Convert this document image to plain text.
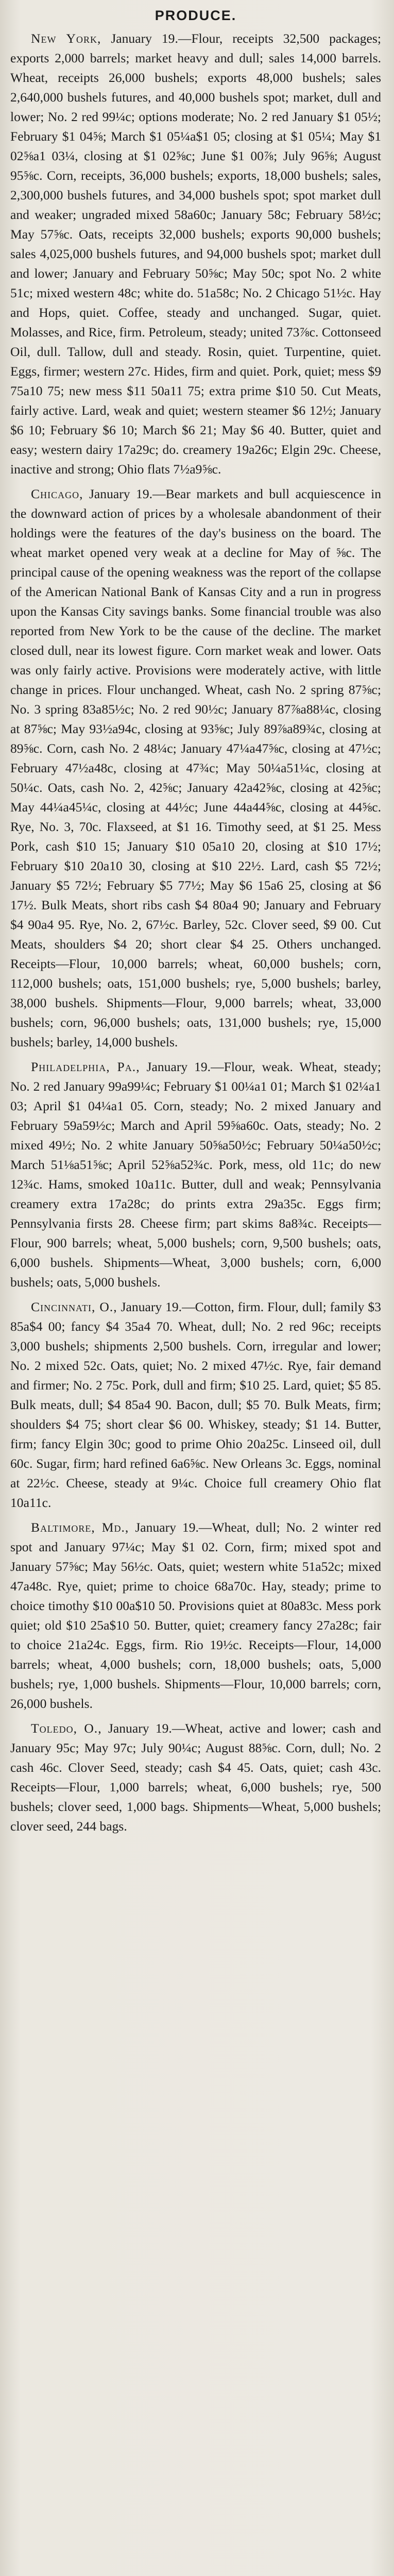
PRODUCE.

New York, January 19.—Flour, receipts 32,500 packages; exports 2,000 barrels; market heavy and dull; sales 14,000 barrels. Wheat, receipts 26,000 bushels; exports 48,000 bushels; sales 2,640,000 bushels futures, and 40,000 bushels spot; market, dull and lower; No. 2 red 99¼c; options moderate; No. 2 red January $1 05½; February $1 04⅝; March $1 05¼a$1 05; closing at $1 05¼; May $1 02⅝a1 03¼, closing at $1 02⅝c; June $1 00⅞; July 96⅝; August 95⅝c. Corn, receipts, 36,000 bushels; exports, 18,000 bushels; sales, 2,300,000 bushels futures, and 34,000 bushels spot; spot market dull and weaker; ungraded mixed 58a60c; January 58c; February 58½c; May 57⅝c. Oats, receipts 32,000 bushels; exports 90,000 bushels; sales 4,025,000 bushels futures, and 94,000 bushels spot; market dull and lower; January and February 50⅝c; May 50c; spot No. 2 white 51c; mixed western 48c; white do. 51a58c; No. 2 Chicago 51½c. Hay and Hops, quiet. Coffee, steady and unchanged. Sugar, quiet. Molasses, and Rice, firm. Petroleum, steady; united 73⅞c. Cottonseed Oil, dull. Tallow, dull and steady. Rosin, quiet. Turpentine, quiet. Eggs, firmer; western 27c. Hides, firm and quiet. Pork, quiet; mess $9 75a10 75; new mess $11 50a11 75; extra prime $10 50. Cut Meats, fairly active. Lard, weak and quiet; western steamer $6 12½; January $6 10; February $6 10; March $6 21; May $6 40. Butter, quiet and easy; western dairy 17a29c; do. creamery 19a26c; Elgin 29c. Cheese, inactive and strong; Ohio flats 7½a9⅝c.

Chicago, January 19.—Bear markets and bull acquiescence in the downward action of prices by a wholesale abandonment of their holdings were the features of the day's business on the board. The wheat market opened very weak at a decline for May of ⅝c. The principal cause of the opening weakness was the report of the collapse of the American National Bank of Kansas City and a run in progress upon the Kansas City savings banks. Some financial trouble was also reported from New York to be the cause of the decline. The market closed dull, near its lowest figure. Corn market weak and lower. Oats was only fairly active. Provisions were moderately active, with little change in prices. Flour unchanged. Wheat, cash No. 2 spring 87⅝c; No. 3 spring 83a85½c; No. 2 red 90½c; January 87⅞a88¼c, closing at 87⅝c; May 93½a94c, closing at 93⅝c; July 89⅞a89¾c, closing at 89⅝c. Corn, cash No. 2 48¼c; January 47¼a47⅝c, closing at 47½c; February 47½a48c, closing at 47¾c; May 50¼a51¼c, closing at 50¼c. Oats, cash No. 2, 42⅝c; January 42a42⅝c, closing at 42⅝c; May 44¼a45¼c, closing at 44½c; June 44a44⅝c, closing at 44⅝c. Rye, No. 3, 70c. Flaxseed, at $1 16. Timothy seed, at $1 25. Mess Pork, cash $10 15; January $10 05a10 20, closing at $10 17½; February $10 20a10 30, closing at $10 22½. Lard, cash $5 72½; January $5 72½; February $5 77½; May $6 15a6 25, closing at $6 17½. Bulk Meats, short ribs cash $4 80a4 90; January and February $4 90a4 95. Rye, No. 2, 67½c. Barley, 52c. Clover seed, $9 00. Cut Meats, shoulders $4 20; short clear $4 25. Others unchanged. Receipts—Flour, 10,000 barrels; wheat, 60,000 bushels; corn, 112,000 bushels; oats, 151,000 bushels; rye, 5,000 bushels; barley, 38,000 bushels. Shipments—Flour, 9,000 barrels; wheat, 33,000 bushels; corn, 96,000 bushels; oats, 131,000 bushels; rye, 15,000 bushels; barley, 14,000 bushels.

Philadelphia, Pa., January 19.—Flour, weak. Wheat, steady; No. 2 red January 99a99¼c; February $1 00¼a1 01; March $1 02¼a1 03; April $1 04¼a1 05. Corn, steady; No. 2 mixed January and February 59a59½c; March and April 59⅝a60c. Oats, steady; No. 2 mixed 49½; No. 2 white January 50⅝a50½c; February 50¼a50½c; March 51⅛a51⅝c; April 52⅝a52¾c. Pork, mess, old 11c; do new 12¾c. Hams, smoked 10a11c. Butter, dull and weak; Pennsylvania creamery extra 17a28c; do prints extra 29a35c. Eggs firm; Pennsylvania firsts 28. Cheese firm; part skims 8a8¾c. Receipts—Flour, 900 barrels; wheat, 5,000 bushels; corn, 9,500 bushels; oats, 6,000 bushels. Shipments—Wheat, 3,000 bushels; corn, 6,000 bushels; oats, 5,000 bushels.

Cincinnati, O., January 19.—Cotton, firm. Flour, dull; family $3 85a$4 00; fancy $4 35a4 70. Wheat, dull; No. 2 red 96c; receipts 3,000 bushels; shipments 2,500 bushels. Corn, irregular and lower; No. 2 mixed 52c. Oats, quiet; No. 2 mixed 47½c. Rye, fair demand and firmer; No. 2 75c. Pork, dull and firm; $10 25. Lard, quiet; $5 85. Bulk meats, dull; $4 85a4 90. Bacon, dull; $5 70. Bulk Meats, firm; shoulders $4 75; short clear $6 00. Whiskey, steady; $1 14. Butter, firm; fancy Elgin 30c; good to prime Ohio 20a25c. Linseed oil, dull 60c. Sugar, firm; hard refined 6a6⅝c. New Orleans 3c. Eggs, nominal at 22½c. Cheese, steady at 9¼c. Choice full creamery Ohio flat 10a11c.

Baltimore, Md., January 19.—Wheat, dull; No. 2 winter red spot and January 97¼c; May $1 02. Corn, firm; mixed spot and January 57⅝c; May 56½c. Oats, quiet; western white 51a52c; mixed 47a48c. Rye, quiet; prime to choice 68a70c. Hay, steady; prime to choice timothy $10 00a$10 50. Provisions quiet at 80a83c. Mess pork quiet; old $10 25a$10 50. Butter, quiet; creamery fancy 27a28c; fair to choice 21a24c. Eggs, firm. Rio 19½c. Receipts—Flour, 14,000 barrels; wheat, 4,000 bushels; corn, 18,000 bushels; oats, 5,000 bushels; rye, 1,000 bushels. Shipments—Flour, 10,000 barrels; corn, 26,000 bushels.

Toledo, O., January 19.—Wheat, active and lower; cash and January 95c; May 97c; July 90¼c; August 88⅝c. Corn, dull; No. 2 cash 46c. Clover Seed, steady; cash $4 45. Oats, quiet; cash 43c. Receipts—Flour, 1,000 barrels; wheat, 6,000 bushels; rye, 500 bushels; clover seed, 1,000 bags. Shipments—Wheat, 5,000 bushels; clover seed, 244 bags.
